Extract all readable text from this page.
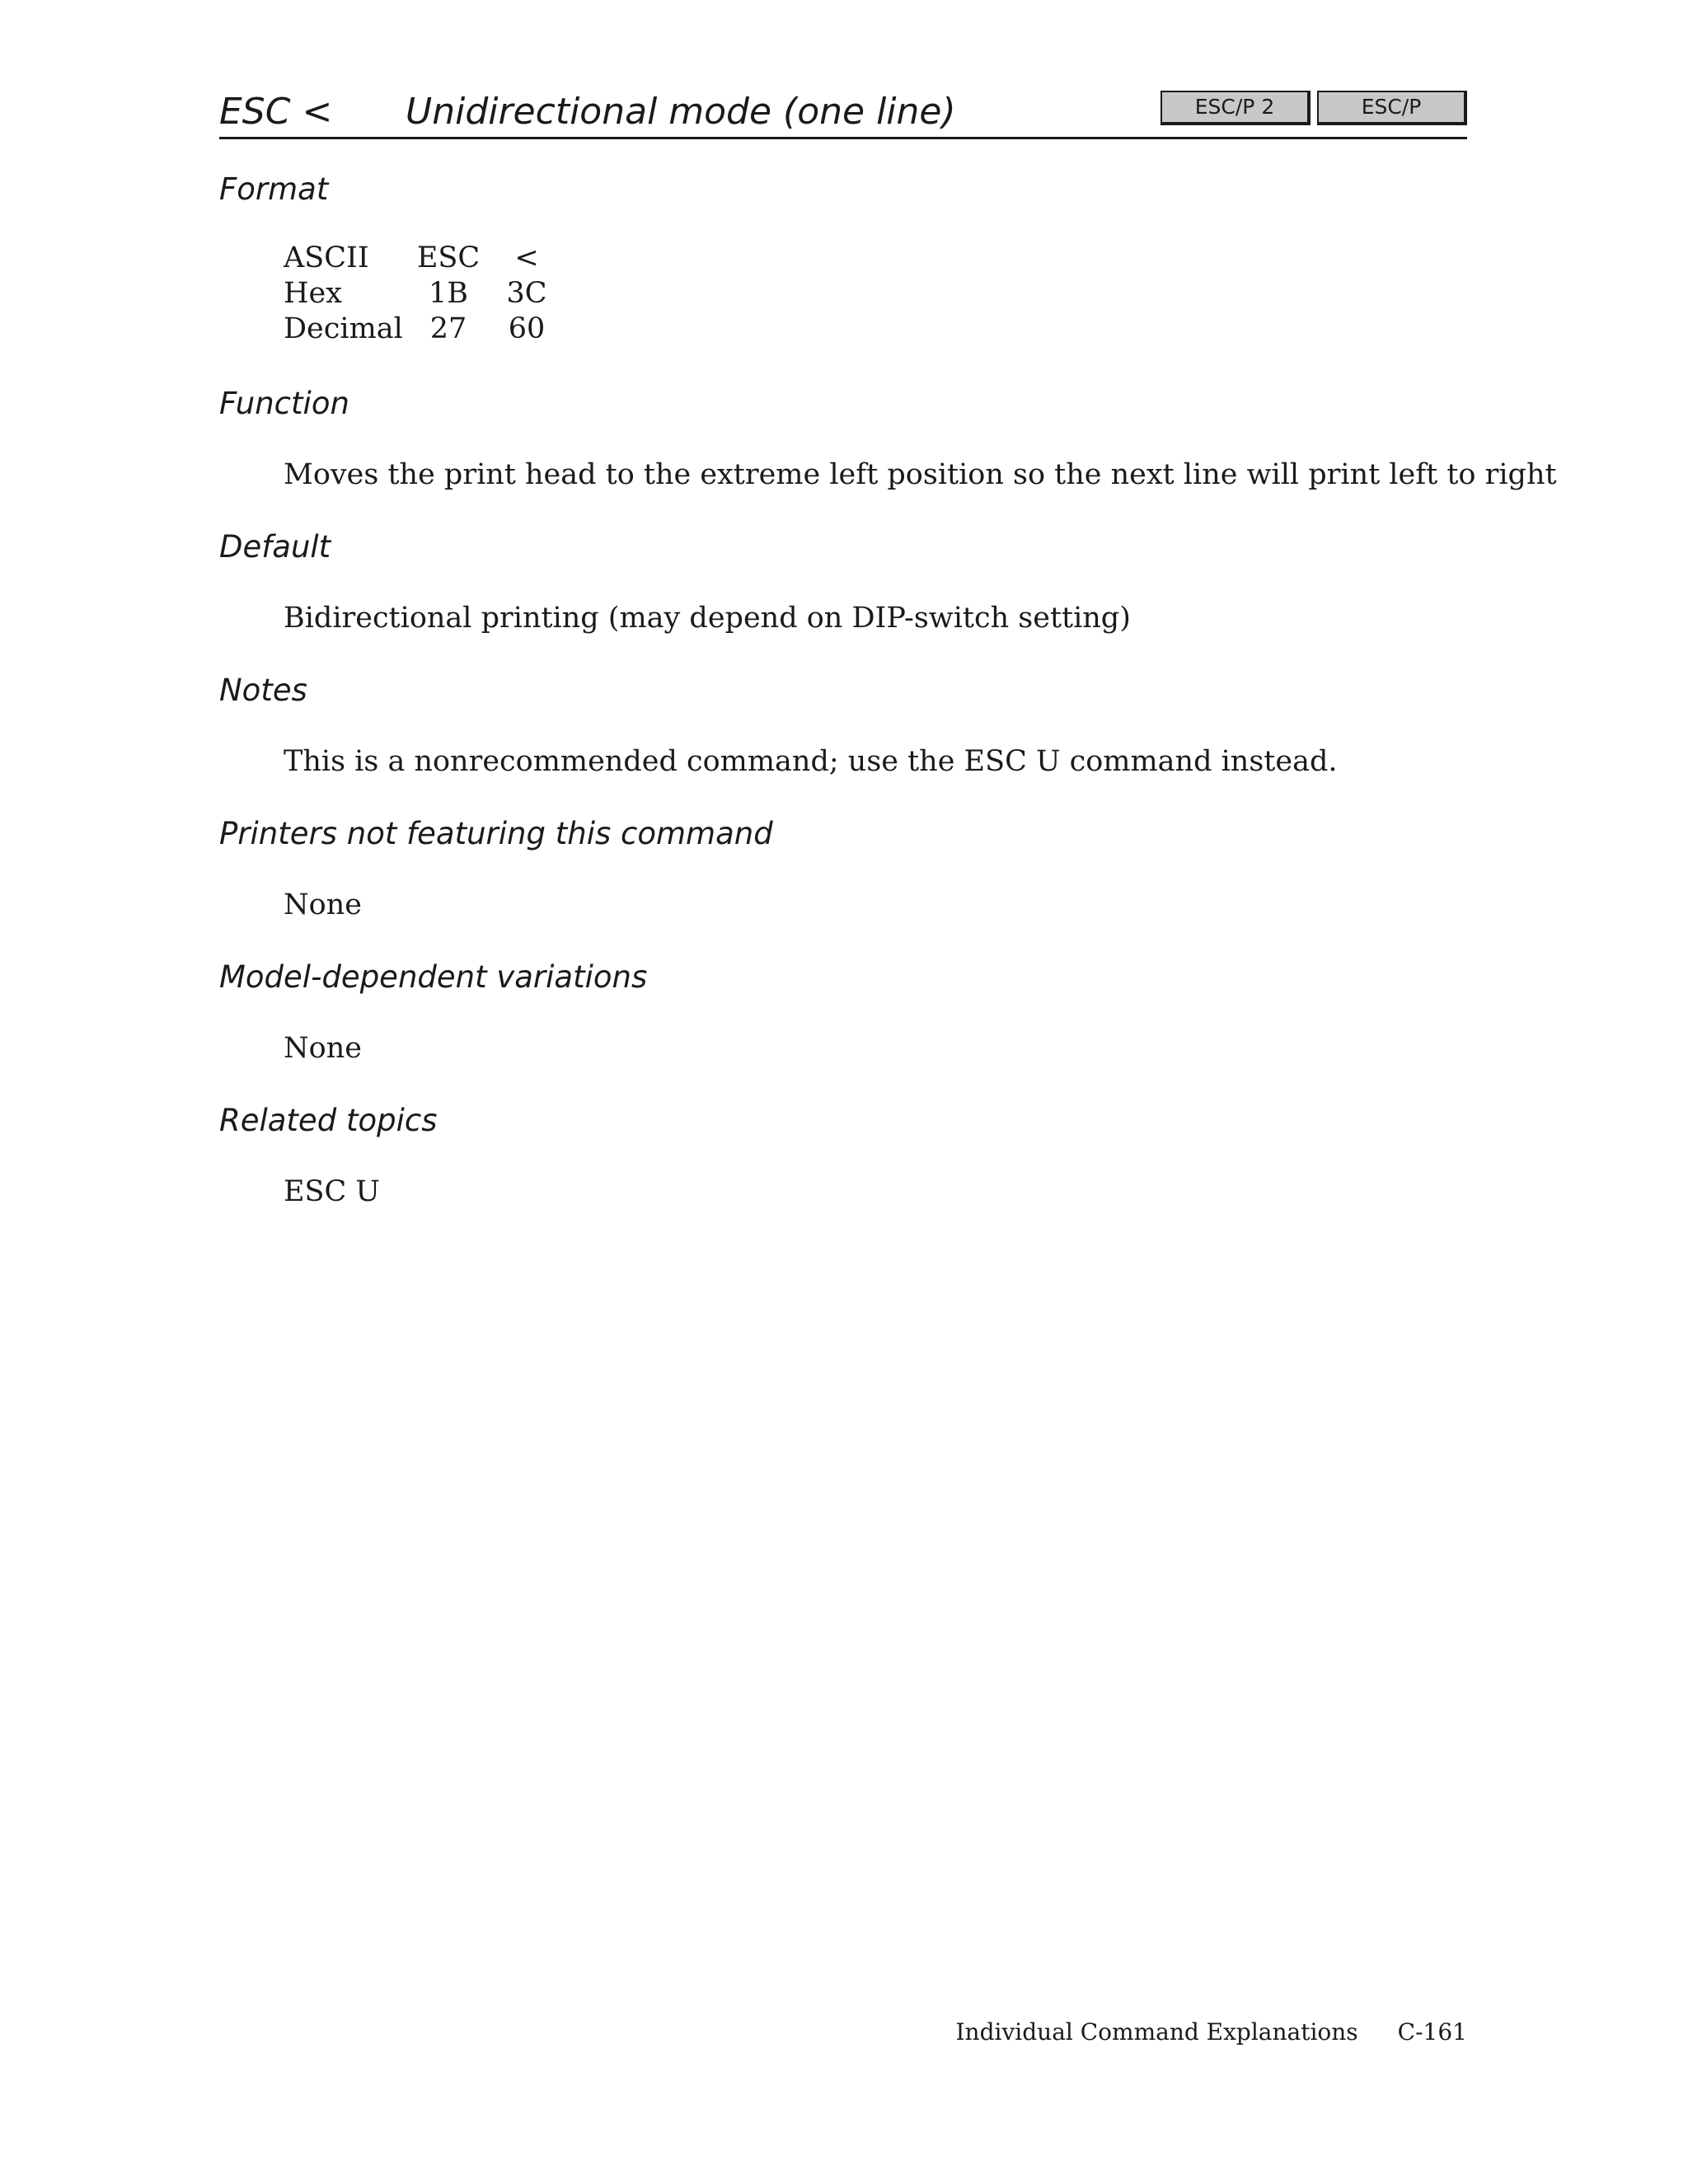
ESC < Unidirectional mode (one line)	ESC/P 2	ESC/P
Format
ASCII	ESC	<
Hex	1B	3C
Decimal	27	60
Function

Moves the print head to the extreme left position so the next line will print left to right

Default

Bidirectional printing (may depend on DIP-switch setting)

Notes

This is a nonrecommended command; use the ESC U command instead.

Printers not featuring this command

None

Model-dependent variations

None

Related topics

ESC U

Individual Command Explanations C-161
